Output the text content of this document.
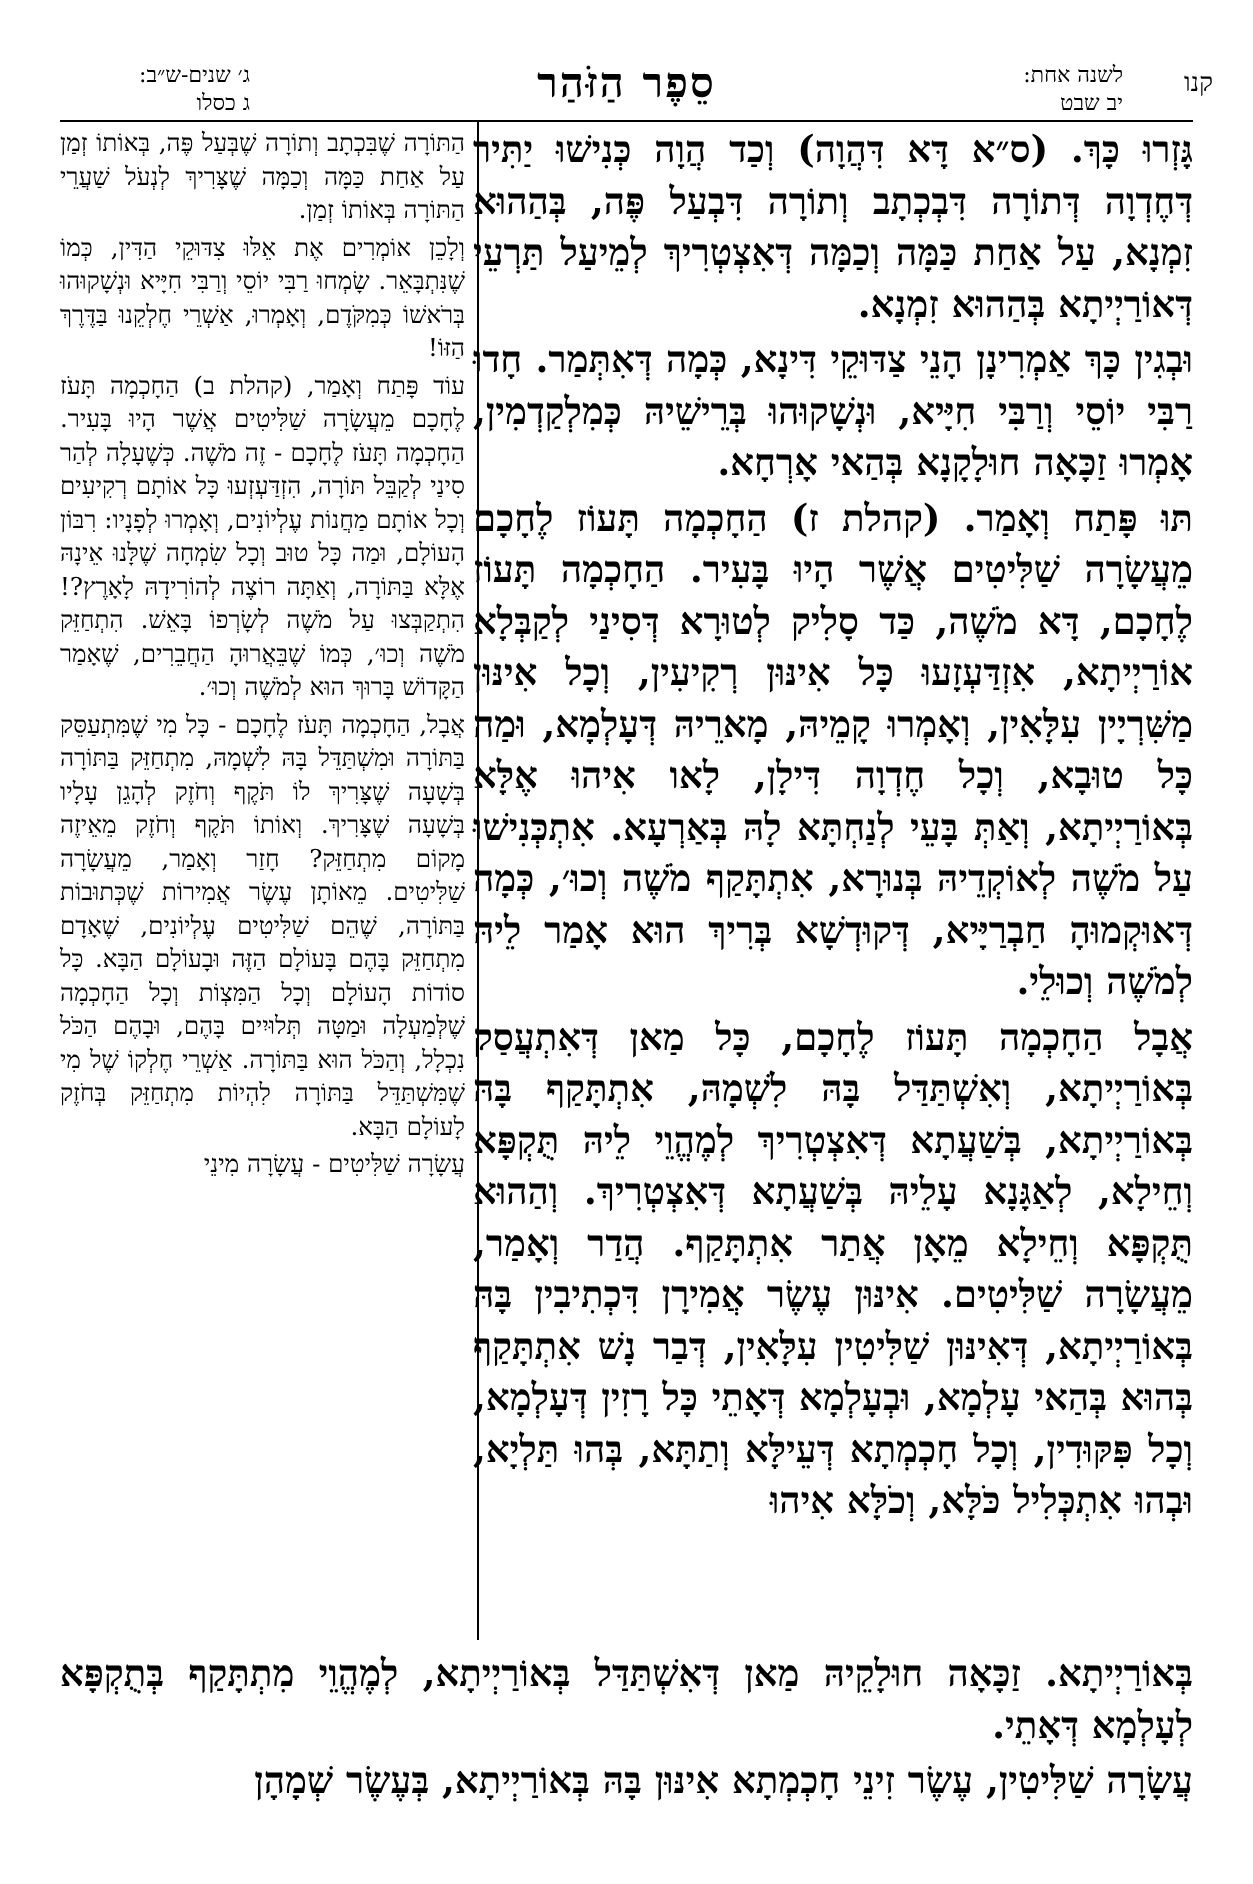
קנו
לשנה אחת:
יב שבט
סֵפֶר הַזֹּהַר
ג׳ שנים-ש״ב:
ג כסלו

גָּזְרוּ כָּךְ. (ס״א דָּא דִּהֲוָה) וְכַד הֲוָה כְּנִישׁוּ יַתִּיר דְּחֶדְוָה דְּתוֹרָה דִּבְכְתָב וְתוֹרָה דִּבְעַל פֶּה, בְּהַהוּא זִמְנָא, עַל אַחַת כַּמָּה וְכַמָּה דְּאִצְטְרִיךְ לְמֵיעַל תַּרְעֵי דְּאוֹרַיְיתָא בְּהַהוּא זִמְנָא.

וּבְגִין כָּךְ אַמְרִינָן הָנֵי צַדּוּקֵי דִּינָא, כְּמָה דְּאִתְּמַר. חָדוּ רַבִּי יוֹסֵי וְרַבִּי חִיָּיא, וּנְשָׁקוּהוּ בְּרֵישֵׁיהּ כְּמִלְקַדְמִין, אָמְרוּ זַכָּאָה חוּלָקָנָא בְּהַאי אָרְחָא.

תּוּ פָּתַח וְאָמַר. (קהלת ז) הַחָכְמָה תָּעוֹז לֶחָכָם מֵעֲשָׂרָה שַׁלִּיטִים אֲשֶׁר הָיוּ בָּעִיר. הַחָכְמָה תָּעוֹז לֶחָכָם, דָּא מֹשֶׁה, כַּד סָלִיק לְטוּרָא דְּסִינַי לְקַבְּלָא אוֹרַיְיתָא, אִזְדַּעְזָעוּ כָּל אִינּוּן רְקִיעִין, וְכָל אִינּוּן מַשִּׁרְיָין עִלָּאִין, וְאָמְרוּ קָמֵיהּ, מָארֵיהּ דְּעָלְמָא, וּמַה כָּל טוּבָא, וְכָל חֶדְוָה דִּילָן, לָאו אִיהוּ אֶלָּא בְּאוֹרַיְיתָא, וְאַתְּ בָּעֵי לְנַחְתָּא לָהּ בְּאַרְעָא. אִתְכְּנִישׁוּ עַל מֹשֶׁה לְאוֹקְדֵיהּ בְּנוּרָא, אִתְתָּקַף מֹשֶׁה וְכוּ׳, כְּמָה דְּאוּקְמוּהָ חַבְרַיָּיא, דְּקוּדְשָׁא בְּרִיךְ הוּא אָמַר לֵיהּ לְמֹשֶׁה וְכוּלֵי.

אֲבָל הַחָכְמָה תָּעוֹז לֶחָכָם, כָּל מַאן דְּאִתְעֲסַק בְּאוֹרַיְיתָא, וְאִשְׁתַּדַּל בָּהּ לִשְׁמָהּ, אִתְתָּקַף בָּהּ בְּאוֹרַיְיתָא, בְּשַׁעֲתָא דְּאִצְטְרִיךְ לְמֶהֱוֵי לֵיהּ תֻּקְפָּא וְחֵילָא, לְאַגָּנָא עָלֵיהּ בְּשַׁעֲתָא דְּאִצְטְרִיךְ. וְהַהוּא תֻּקְפָּא וְחֵילָא מֵאָן אֲתַר אִתְתָּקַף. הֲדַר וְאָמַר, מֵעֲשָׂרָה שַׁלִּיטִים. אִינּוּן עֶשֶׂר אֲמִירָן דִּכְתִיבִין בָּהּ בְּאוֹרַיְיתָא, דְּאִינּוּן שַׁלִּיטִין עִלָּאִין, דְּבַר נָשׁ אִתְתָּקַף בְּהוּא בְּהַאי עָלְמָא, וּבְעָלְמָא דְּאָתֵי כָּל רָזִין דְּעָלְמָא, וְכָל פִּקּוּדִין, וְכָל חָכְמְתָא דְּעֵילָּא וְתַתָּא, בְּהוּ תַּלְיָא, וּבְהוּ אִתְכְּלִיל כֹּלָּא, וְכֹלָּא אִיהוּ

הַתּוֹרָה שֶׁבִּכְתָב וְתוֹרָה שֶׁבְּעַל פֶּה, בְּאוֹתוֹ זְמַן עַל אַחַת כַּמָּה וְכַמָּה שֶׁצָּרִיךְ לְנְעֹל שַׁעֲרֵי הַתּוֹרָה בְּאוֹתוֹ זְמַן.

וְלָכֵן אוֹמְרִים אֶת אֵלּוּ צִדּוּקֵי הַדִּין, כְּמוֹ שֶׁנִּתְבָּאֵר. שָׂמְחוּ רַבִּי יוֹסֵי וְרַבִּי חִיָּיא וּנְשָׁקוּהוּ בְּרֹאשׁוֹ כְּמִקֹּדֶם, וְאָמְרוּ, אַשְׁרֵי חֶלְקֵנוּ בַּדֶּרֶךְ הַזּוֹ!

עוֹד פָּתַח וְאָמַר, (קהלת ב) הַחָכְמָה תָּעֹז לֶחָכָם מֵעֲשָׂרָה שַׁלִּיטִים אֲשֶׁר הָיוּ בָּעִיר. הַחָכְמָה תָּעֹז לֶחָכָם - זֶה מֹשֶׁה. כְּשֶׁעָלָה לְהַר סִינַי לְקַבֵּל תּוֹרָה, הִזְדַּעְזְעוּ כָּל אוֹתָם רְקִיעִים וְכָל אוֹתָם מַחֲנוֹת עֶלְיוֹנִים, וְאָמְרוּ לְפָנָיו: רִבּוֹן הָעוֹלָם, וּמַה כָּל טוּב וְכָל שִׂמְחָה שֶׁלָּנוּ אֵינָהּ אֶלָּא בַּתּוֹרָה, וְאַתָּה רוֹצֶה לְהוֹרִידָהּ לָאָרֶץ?! הִתְקַבְּצוּ עַל מֹשֶׁה לְשָׂרְפוֹ בָּאֵשׁ. הִתְחַזֵּק מֹשֶׁה וְכוּ׳, כְּמוֹ שֶׁבֵּאֲרוּהָ הַחֲבֵרִים, שֶׁאָמַר הַקָּדוֹשׁ בָּרוּךְ הוּא לְמֹשֶׁה וְכוּ׳.

אֲבָל, הַחָכְמָה תָּעֹז לֶחָכָם - כָּל מִי שֶׁמִּתְעַסֵּק בַּתּוֹרָה וּמִשְׁתַּדֵּל בָּהּ לִשְׁמָהּ, מִתְחַזֵּק בַּתּוֹרָה בְּשָׁעָה שֶׁצָּרִיךְ לוֹ תֹּקֶף וְחֹזֶק לְהָגֵן עָלָיו בְּשָׁעָה שֶׁצָּרִיךְ. וְאוֹתוֹ תֹּקֶף וְחֹזֶק מֵאֵיזֶה מָקוֹם מִתְחַזֵּק? חָזַר וְאָמַר, מֵעֲשָׂרָה שַׁלִּיטִים. מֵאוֹתָן עֶשֶׂר אֲמִירוֹת שֶׁכְּתוּבוֹת בַּתּוֹרָה, שֶׁהֵם שַׁלִּיטִים עֶלְיוֹנִים, שֶׁאָדָם מִתְחַזֵּק בָּהֶם בָּעוֹלָם הַזֶּה וּבָעוֹלָם הַבָּא. כָּל סוֹדוֹת הָעוֹלָם וְכָל הַמִּצְוֹת וְכָל הַחָכְמָה שֶׁלְּמַעְלָה וּמַטָּה תְּלוּיִים בָּהֶם, וּבָהֶם הַכֹּל נִכְלָל, וְהַכֹּל הוּא בַּתּוֹרָה. אַשְׁרֵי חֶלְקוֹ שֶׁל מִי שֶׁמִּשְׁתַּדֵּל בַּתּוֹרָה לִהְיוֹת מִתְחַזֵּק בְּחֹזֶק לָעוֹלָם הַבָּא.

עֲשָׂרָה שַׁלִּיטִים - עֲשָׂרָה מִינֵי

בְּאוֹרַיְיתָא. זַכָּאָה חוּלָקֵיהּ מַאן דְּאִשְׁתַּדַּל בְּאוֹרַיְיתָא, לְמֶהֱוֵי מִתְתָּקַף בְּתֻקְפָּא לְעָלְמָא דְּאָתֵי.

עֲשָׂרָה שַׁלִּיטִין, עֶשֶׂר זִינֵי חָכְמְתָא אִינּוּן בָּהּ בְּאוֹרַיְיתָא, בְּעֶשֶׂר שְׁמָהָן
